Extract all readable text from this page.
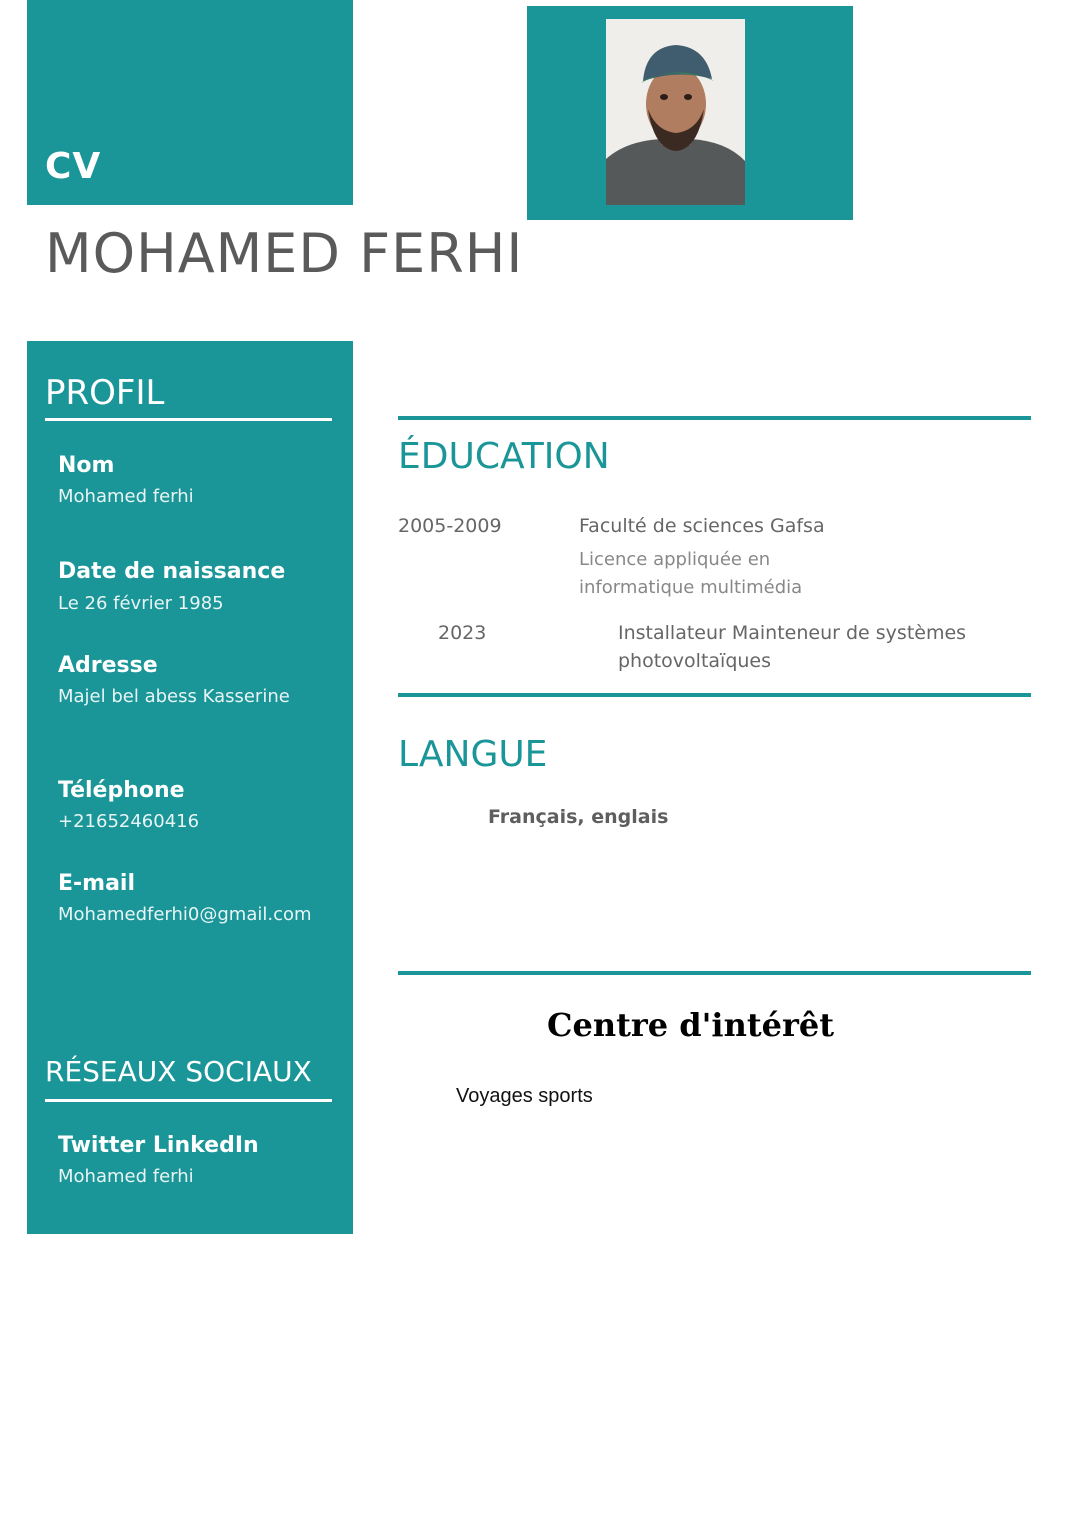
CV
MOHAMED FERHI
PROFIL
Nom
Mohamed ferhi
Date de naissance
Le 26 février 1985
Adresse
Majel bel abess Kasserine
Téléphone
+21652460416
E-mail
Mohamedferhi0@gmail.com
RÉSEAUX SOCIAUX
Twitter LinkedIn
Mohamed ferhi
ÉDUCATION
2005-2009	Faculté de sciences Gafsa
Licence appliquée en
informatique multimédia
2023	Installateur Mainteneur de systèmes
photovoltaïques
LANGUE
Français, englais
Centre d'intérêt
Voyages sports
